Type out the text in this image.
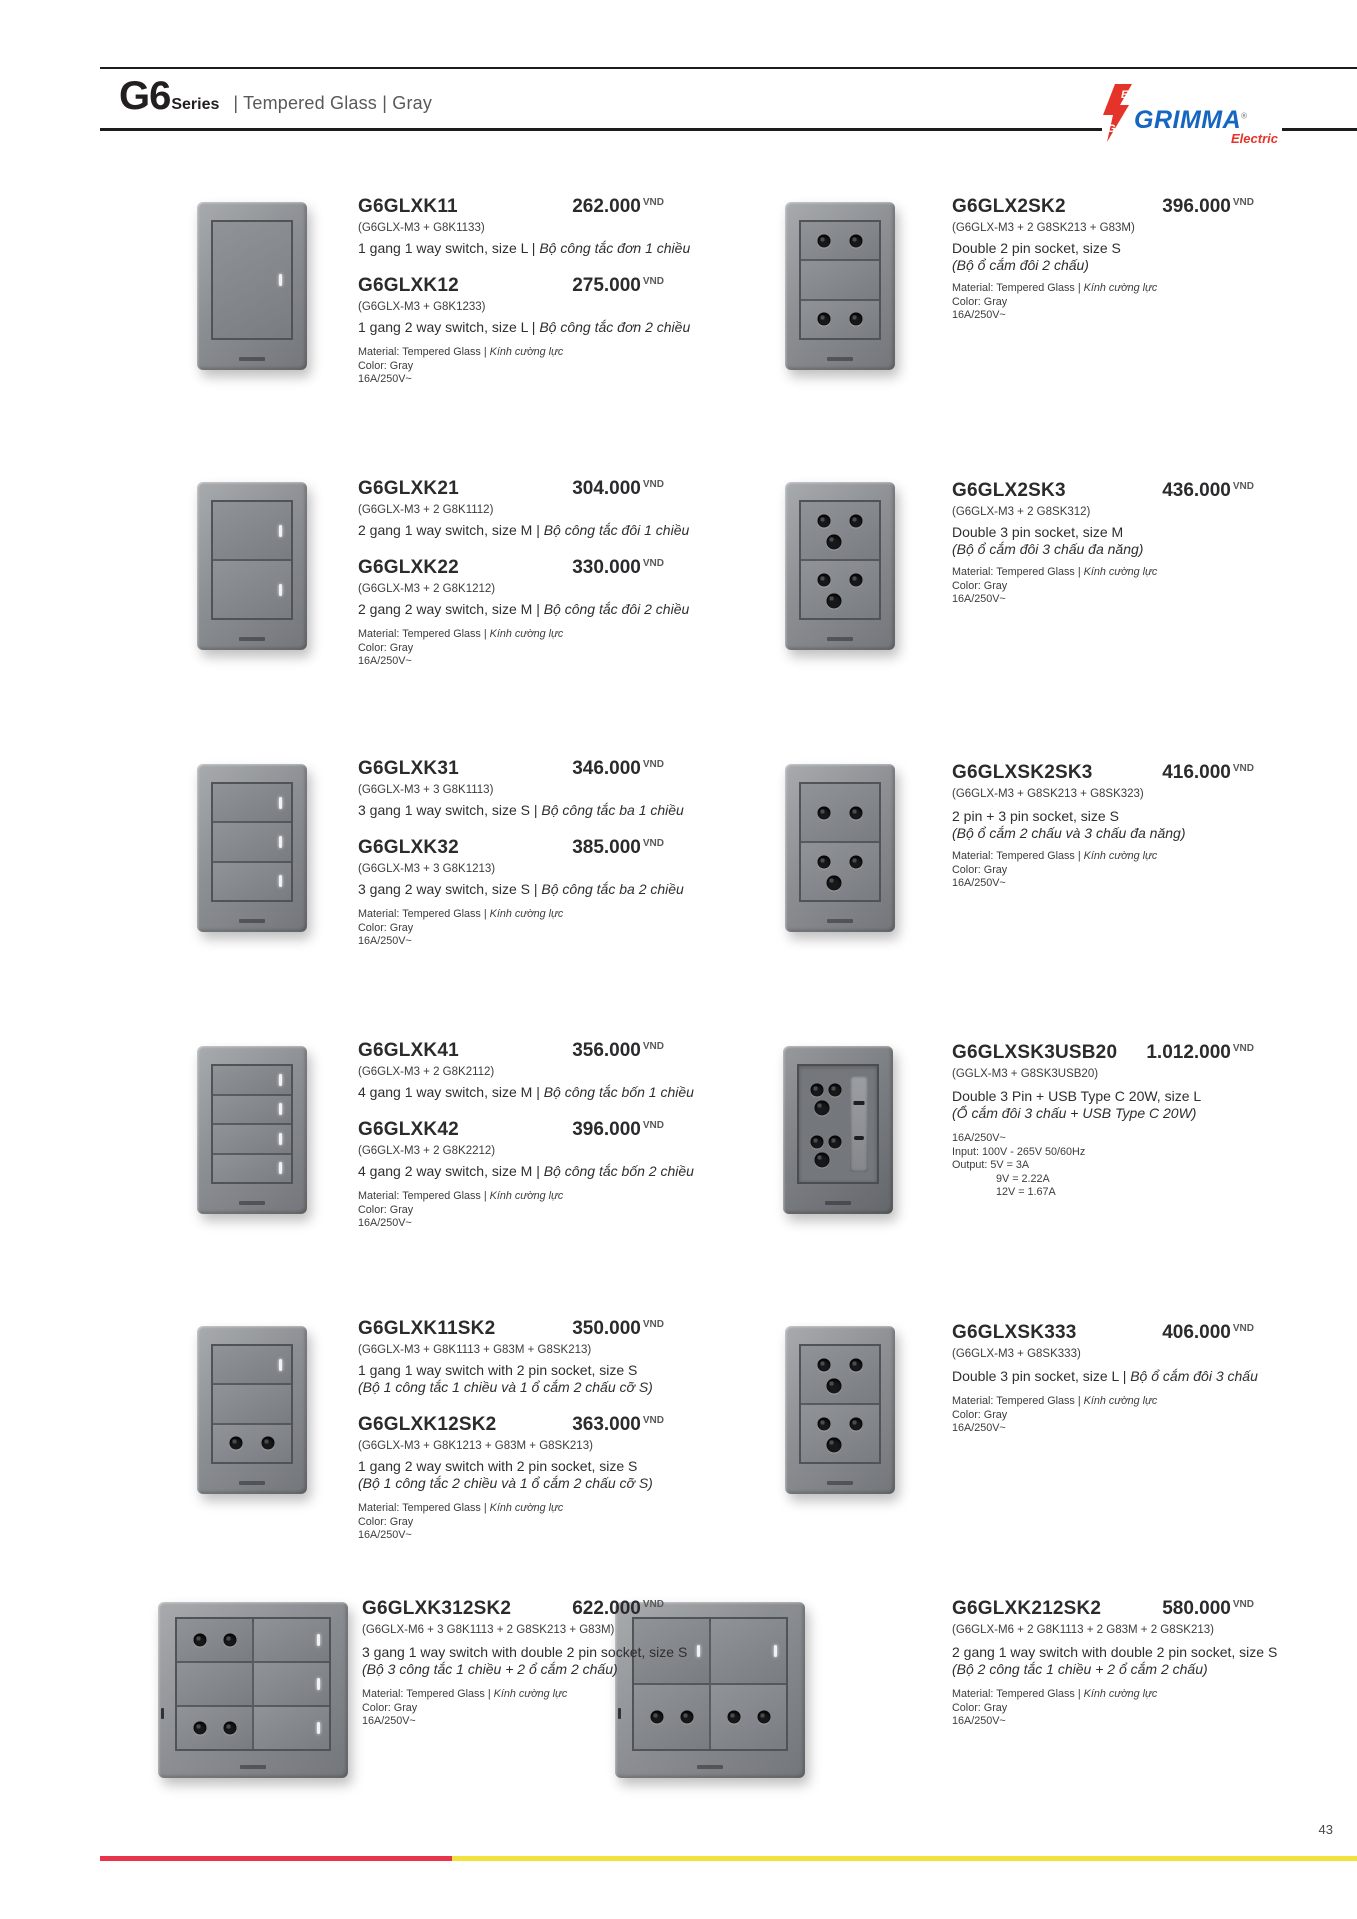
G6 Series | Tempered Glass | Gray	E
G GRIMMA®
Electric
G6GLXK11	262.000 $^{VND}$
(G6GLX-M3 + G8K1133)
1 gang 1 way switch, size L | Bộ công tắc đơn 1 chiều
G6GLXK12	275.000 $^{VND}$
(G6GLX-M3 + G8K1233)
1 gang 2 way switch, size L | Bộ công tắc đơn 2 chiều
Material: Tempered Glass | Kính cường lực
Color: Gray
16A/250V~
G6GLX2SK2	396.000 $^{VND}$
(G6GLX-M3 + 2 G8SK213 + G83M)
Double 2 pin socket, size S
(Bộ ổ cắm đôi 2 chấu)
Material: Tempered Glass | Kính cường lực
Color: Gray
16A/250V~
G6GLXK21	304.000 $^{VND}$
(G6GLX-M3 + 2 G8K1112)
2 gang 1 way switch, size M | Bộ công tắc đôi 1 chiều
G6GLXK22	330.000 $^{VND}$
(G6GLX-M3 + 2 G8K1212)
2 gang 2 way switch, size M | Bộ công tắc đôi 2 chiều
Material: Tempered Glass | Kính cường lực
Color: Gray
16A/250V~
G6GLX2SK3	436.000 $^{VND}$
(G6GLX-M3 + 2 G8SK312)
Double 3 pin socket, size M
(Bộ ổ cắm đôi 3 chấu đa năng)
Material: Tempered Glass | Kính cường lực
Color: Gray
16A/250V~
G6GLXK31	346.000 $^{VND}$
(G6GLX-M3 + 3 G8K1113)
3 gang 1 way switch, size S | Bộ công tắc ba 1 chiều
G6GLXK32	385.000 $^{VND}$
(G6GLX-M3 + 3 G8K1213)
3 gang 2 way switch, size S | Bộ công tắc ba 2 chiều
Material: Tempered Glass | Kính cường lực
Color: Gray
16A/250V~
G6GLXSK2SK3	416.000 $^{VND}$
(G6GLX-M3 + G8SK213 + G8SK323)
2 pin + 3 pin socket, size S
(Bộ ổ cắm 2 chấu và 3 chấu đa năng)
Material: Tempered Glass | Kính cường lực
Color: Gray
16A/250V~
G6GLXK41	356.000 $^{VND}$
(G6GLX-M3 + 2 G8K2112)
4 gang 1 way switch, size M | Bộ công tắc bốn 1 chiều
G6GLXK42	396.000 $^{VND}$
(G6GLX-M3 + 2 G8K2212)
4 gang 2 way switch, size M | Bộ công tắc bốn 2 chiều
Material: Tempered Glass | Kính cường lực
Color: Gray
16A/250V~
G6GLXSK3USB20 1.012.000 $^{VND}$
(GGLX-M3 + G8SK3USB20)
Double 3 Pin + USB Type C 20W, size L
(Ổ cắm đôi 3 chấu + USB Type C 20W)
16A/250V~
Input: 100V - 265V 50/60Hz
Output: 5V = 3A
9V = 2.22A
12V = 1.67A
G6GLXK11SK2	350.000 $^{VND}$
(G6GLX-M3 + G8K1113 + G83M + G8SK213)
1 gang 1 way switch with 2 pin socket, size S
(Bộ 1 công tắc 1 chiều và 1 ổ cắm 2 chấu cỡ S)
G6GLXK12SK2	363.000 $^{VND}$
(G6GLX-M3 + G8K1213 + G83M + G8SK213)
1 gang 2 way switch with 2 pin socket, size S
(Bộ 1 công tắc 2 chiều và 1 ổ cắm 2 chấu cỡ S)
Material: Tempered Glass | Kính cường lực
Color: Gray
16A/250V~
G6GLXSK333	406.000 $^{VND}$
(G6GLX-M3 + G8SK333)
Double 3 pin socket, size L | Bộ ổ cắm đôi 3 chấu
Material: Tempered Glass | Kính cường lực
Color: Gray
16A/250V~
G6GLXK312SK2	622.000 $^{VND}$
(G6GLX-M6 + 3 G8K1113 + 2 G8SK213 + G83M)
3 gang 1 way switch with double 2 pin socket, size S
(Bộ 3 công tắc 1 chiều + 2 ổ cắm 2 chấu)
Material: Tempered Glass | Kính cường lực
Color: Gray
16A/250V~
G6GLXK212SK2	580.000 $^{VND}$
(G6GLX-M6 + 2 G8K1113 + 2 G83M + 2 G8SK213)
2 gang 1 way switch with double 2 pin socket, size S
(Bộ 2 công tắc 1 chiều + 2 ổ cắm 2 chấu)
Material: Tempered Glass | Kính cường lực
Color: Gray
16A/250V~
43
